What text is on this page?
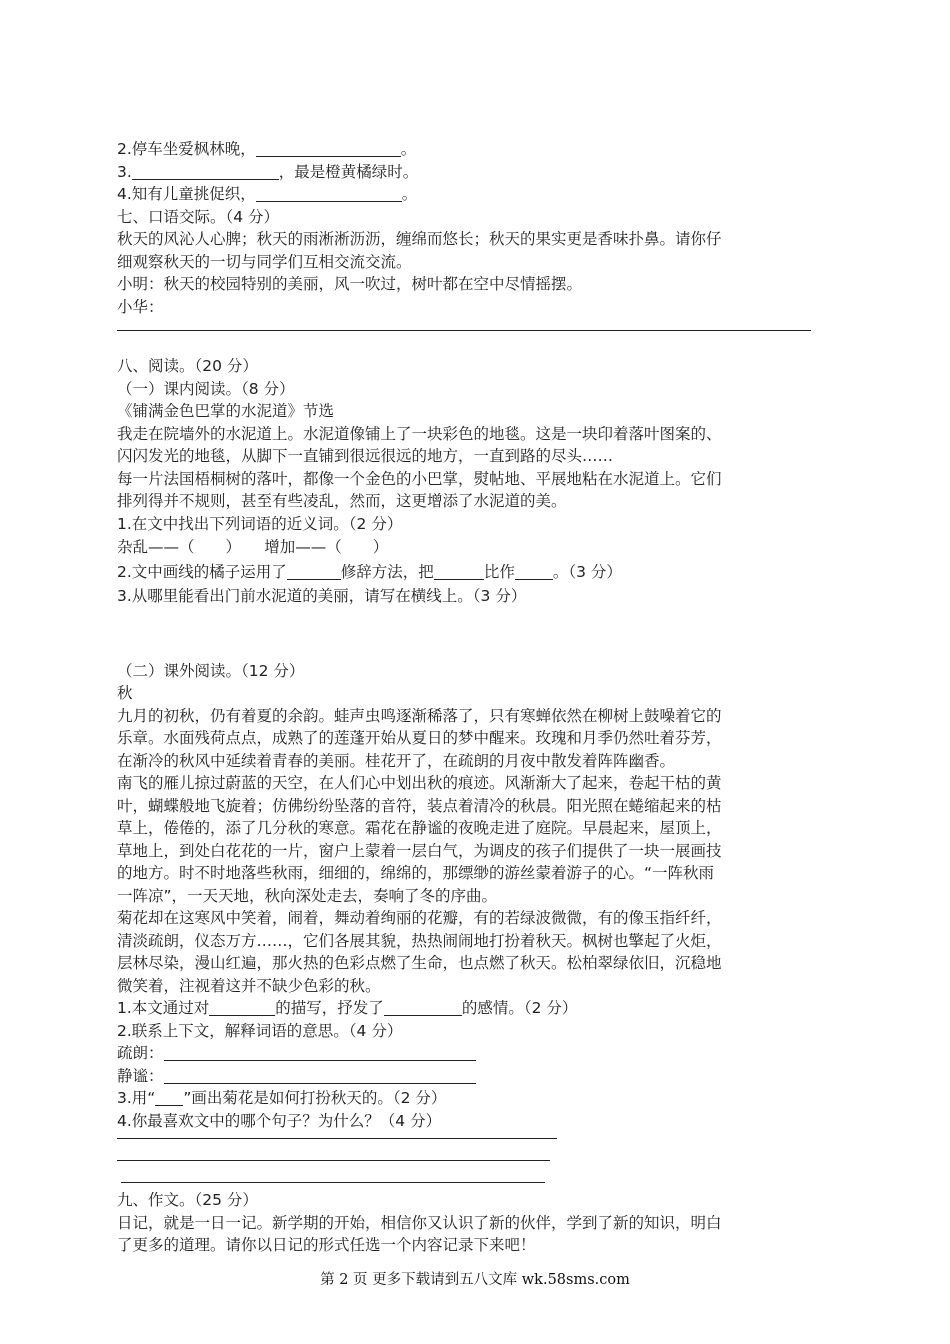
2.停车坐爱枫林晚，	。
3.	，最是橙黄橘绿时。
4.知有儿童挑促织，	。
七、口语交际。（4 分）
秋天的风沁人心脾；秋天的雨淅淅沥沥，缠绵而悠长；秋天的果实更是香味扑鼻。请你仔
细观察秋天的一切与同学们互相交流交流。
小明：秋天的校园特别的美丽，风一吹过，树叶都在空中尽情摇摆。
小华：
八、阅读。（20 分）
（一）课内阅读。（8 分）
《铺满金色巴掌的水泥道》节选
我走在院墙外的水泥道上。水泥道像铺上了一块彩色的地毯。这是一块印着落叶图案的、
闪闪发光的地毯，从脚下一直铺到很远很远的地方，一直到路的尽头……
每一片法国梧桐树的落叶，都像一个金色的小巴掌，熨帖地、平展地粘在水泥道上。它们
排列得并不规则，甚至有些凌乱，然而，这更增添了水泥道的美。
1.在文中找出下列词语的近义词。（2 分）
杂乱——（　　）　　增加——（　　）
2.文中画线的橘子运用了	修辞方法，把	比作 。（3 分）
3.从哪里能看出门前水泥道的美丽，请写在横线上。（3 分）
（二）课外阅读。（12 分）
秋
九月的初秋，仍有着夏的余韵。蛙声虫鸣逐渐稀落了，只有寒蝉依然在柳树上鼓噪着它的
乐章。水面残荷点点，成熟了的莲蓬开始从夏日的梦中醒来。玫瑰和月季仍然吐着芬芳，
在渐冷的秋风中延续着青春的美丽。桂花开了，在疏朗的月夜中散发着阵阵幽香。
南飞的雁儿掠过蔚蓝的天空，在人们心中划出秋的痕迹。风渐渐大了起来，卷起干枯的黄
叶，蝴蝶般地飞旋着；仿佛纷纷坠落的音符，装点着清冷的秋晨。阳光照在蜷缩起来的枯
草上，倦倦的，添了几分秋的寒意。霜花在静谧的夜晚走进了庭院。早晨起来，屋顶上，
草地上，到处白花花的一片，窗户上蒙着一层白气，为调皮的孩子们提供了一块一展画技
的地方。时不时地落些秋雨，细细的，绵绵的，那缥缈的游丝蒙着游子的心。“一阵秋雨
一阵凉”，一天天地，秋向深处走去，奏响了冬的序曲。
菊花却在这寒风中笑着，闹着，舞动着绚丽的花瓣，有的若绿波微微，有的像玉指纤纤，
清淡疏朗，仪态万方……，它们各展其貌，热热闹闹地打扮着秋天。枫树也擎起了火炬，
层林尽染，漫山红遍，那火热的色彩点燃了生命，也点燃了秋天。松柏翠绿依旧，沉稳地
微笑着，注视着这并不缺少色彩的秋。
1.本文通过对	的描写，抒发了	的感情。（2 分）
2.联系上下文，解释词语的意思。（4 分）
疏朗：
静谧：
3.用“ ”画出菊花是如何打扮秋天的。（2 分）
4.你最喜欢文中的哪个句子？为什么？（4 分）
九、作文。（25 分）
日记，就是一日一记。新学期的开始，相信你又认识了新的伙伴，学到了新的知识，明白
了更多的道理。请你以日记的形式任选一个内容记录下来吧！
第 2 页 更多下载请到五八文库 wk.58sms.com
